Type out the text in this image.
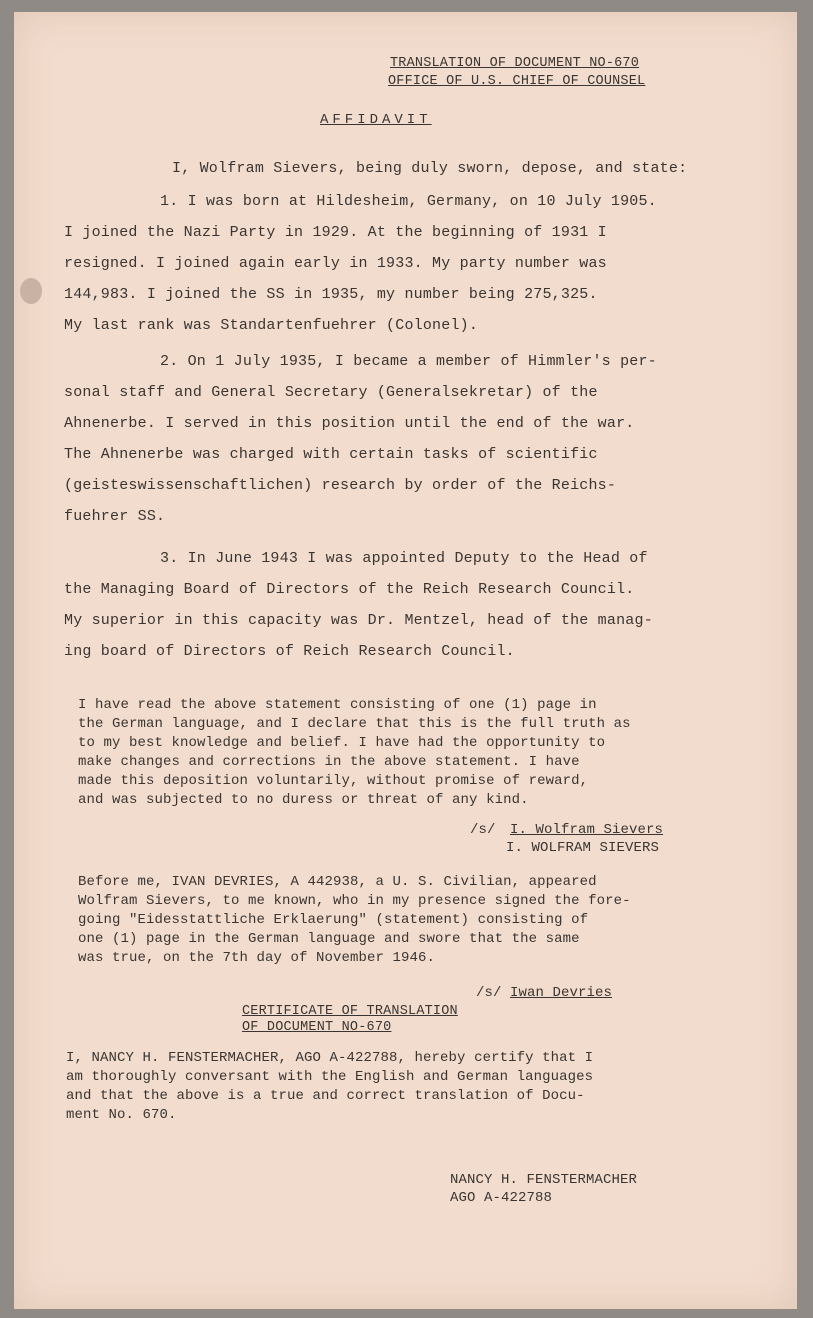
TRANSLATION OF DOCUMENT NO-670

OFFICE OF U.S. CHIEF OF COUNSEL

AFFIDAVIT

I, Wolfram Sievers, being duly sworn, depose, and state:

1. I was born at Hildesheim, Germany, on 10 July 1905.

I joined the Nazi Party in 1929. At the beginning of 1931 I

resigned. I joined again early in 1933. My party number was

144,983. I joined the SS in 1935, my number being 275,325.

My last rank was Standartenfuehrer (Colonel).

2. On 1 July 1935, I became a member of Himmler's per-

sonal staff and General Secretary (Generalsekretar) of the

Ahnenerbe. I served in this position until the end of the war.

The Ahnenerbe was charged with certain tasks of scientific

(geisteswissenschaftlichen) research by order of the Reichs-

fuehrer SS.

3. In June 1943 I was appointed Deputy to the Head of

the Managing Board of Directors of the Reich Research Council.

My superior in this capacity was Dr. Mentzel, head of the manag-

ing board of Directors of Reich Research Council.

I have read the above statement consisting of one (1) page in

the German language, and I declare that this is the full truth as

to my best knowledge and belief. I have had the opportunity to

make changes and corrections in the above statement. I have

made this deposition voluntarily, without promise of reward,

and was subjected to no duress or threat of any kind.

/s/ I. Wolfram Sievers

I. WOLFRAM SIEVERS

Before me, IVAN DEVRIES, A 442938, a U. S. Civilian, appeared

Wolfram Sievers, to me known, who in my presence signed the fore-

going "Eidesstattliche Erklaerung" (statement) consisting of

one (1) page in the German language and swore that the same

was true, on the 7th day of November 1946.

/s/ Iwan Devries

CERTIFICATE OF TRANSLATION

OF DOCUMENT NO-670

I, NANCY H. FENSTERMACHER, AGO A-422788, hereby certify that I

am thoroughly conversant with the English and German languages

and that the above is a true and correct translation of Docu-

ment No. 670.

NANCY H. FENSTERMACHER

AGO A-422788
